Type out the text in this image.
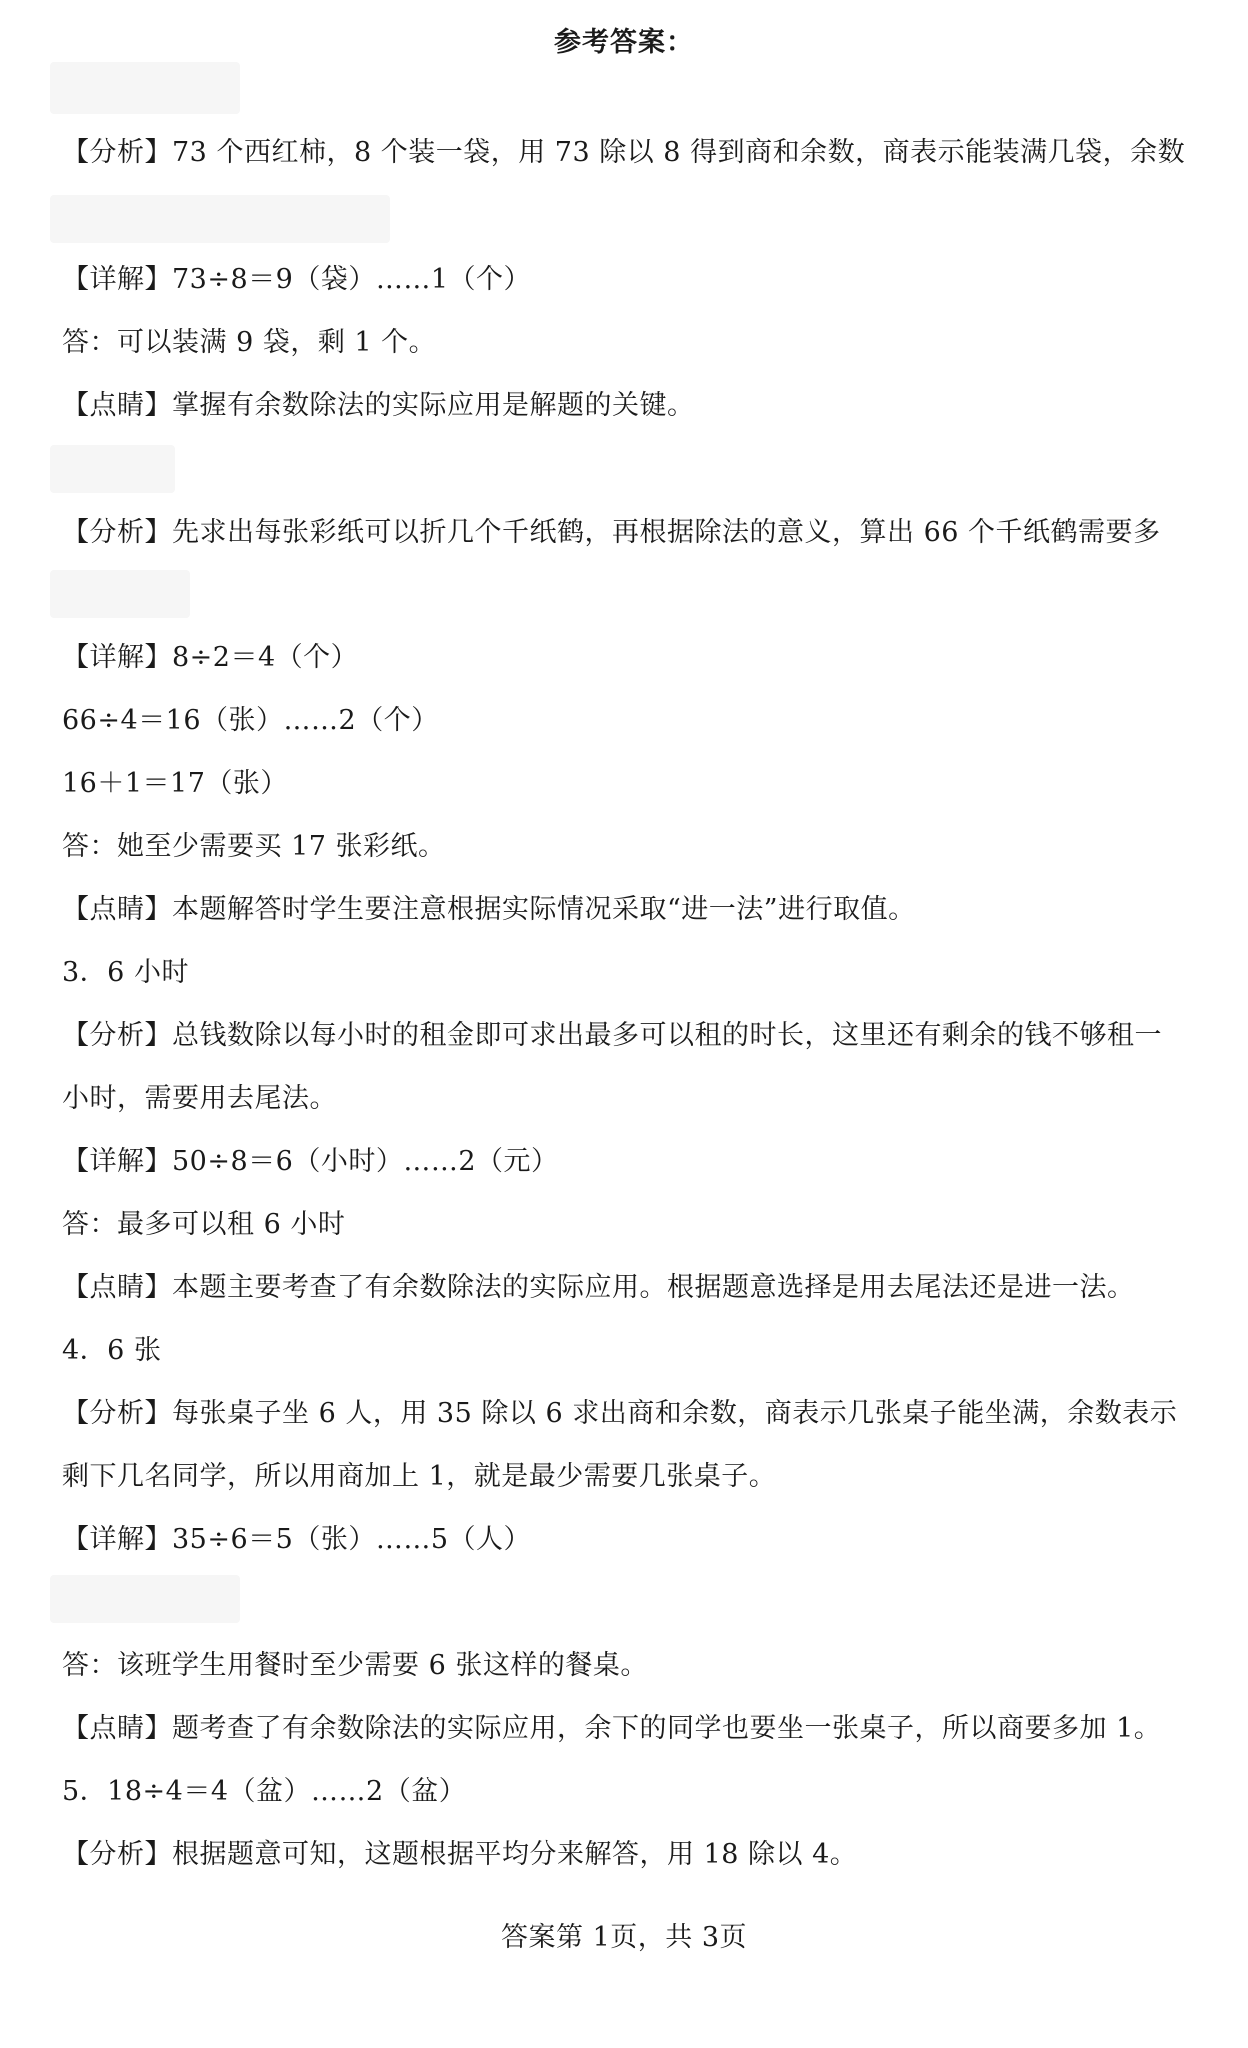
参考答案：
【分析】73 个西红柿，8 个装一袋，用 73 除以 8 得到商和余数，商表示能装满几袋，余数
【详解】73÷8＝9（袋）……1（个）
答：可以装满 9 袋，剩 1 个。
【点睛】掌握有余数除法的实际应用是解题的关键。
【分析】先求出每张彩纸可以折几个千纸鹤，再根据除法的意义，算出 66 个千纸鹤需要多
【详解】8÷2＝4（个）
66÷4＝16（张）……2（个）
16＋1＝17（张）
答：她至少需要买 17 张彩纸。
【点睛】本题解答时学生要注意根据实际情况采取“进一法”进行取值。
3．6 小时
【分析】总钱数除以每小时的租金即可求出最多可以租的时长，这里还有剩余的钱不够租一
小时，需要用去尾法。
【详解】50÷8＝6（小时）……2（元）
答：最多可以租 6 小时
【点睛】本题主要考查了有余数除法的实际应用。根据题意选择是用去尾法还是进一法。
4．6 张
【分析】每张桌子坐 6 人，用 35 除以 6 求出商和余数，商表示几张桌子能坐满，余数表示
剩下几名同学，所以用商加上 1，就是最少需要几张桌子。
【详解】35÷6＝5（张）……5（人）
答：该班学生用餐时至少需要 6 张这样的餐桌。
【点睛】题考查了有余数除法的实际应用，余下的同学也要坐一张桌子，所以商要多加 1。
5．18÷4＝4（盆）……2（盆）
【分析】根据题意可知，这题根据平均分来解答，用 18 除以 4。
答案第 1页，共 3页
